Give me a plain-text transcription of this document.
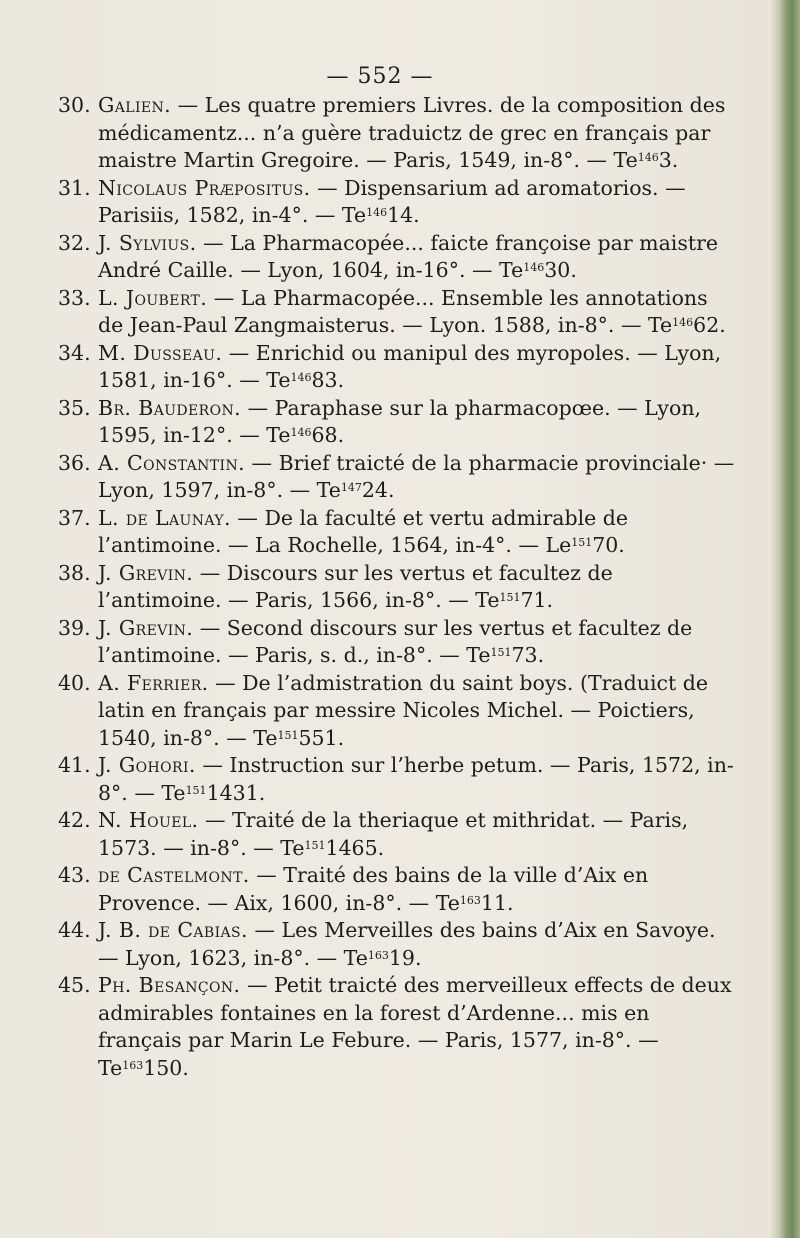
— 552 —

30. Galien. — Les quatre premiers Livres. de la composition des médicamentz... n’a guère traduictz de grec en français par maistre Martin Gregoire. — Paris, 1549, in-8°. — Te$^{146}$3.

31. Nicolaus Præpositus. — Dispensarium ad aromatorios. — Parisiis, 1582, in-4°. — Te$^{146}$14.

32. J. Sylvius. — La Pharmacopée... faicte françoise par maistre André Caille. — Lyon, 1604, in-16°. — Te$^{146}$30.

33. L. Joubert. — La Pharmacopée... Ensemble les annotations de Jean-Paul Zangmaisterus. — Lyon. 1588, in-8°. — Te$^{146}$62.

34. M. Dusseau. — Enrichid ou manipul des myropoles. — Lyon, 1581, in-16°. — Te$^{146}$83.

35. Br. Bauderon. — Paraphase sur la pharmacopœe. — Lyon, 1595, in-12°. — Te$^{146}$68.

36. A. Constantin. — Brief traicté de la pharmacie provinciale· — Lyon, 1597, in-8°. — Te$^{147}$24.

37. L. de Launay. — De la faculté et vertu admirable de l’antimoine. — La Rochelle, 1564, in-4°. — Le$^{151}$70.

38. J. Grevin. — Discours sur les vertus et facultez de l’antimoine. — Paris, 1566, in-8°. — Te$^{151}$71.

39. J. Grevin. — Second discours sur les vertus et facultez de l’antimoine. — Paris, s. d., in-8°. — Te$^{151}$73.

40. A. Ferrier. — De l’admistration du saint boys. (Traduict de latin en français par messire Nicoles Michel. — Poictiers, 1540, in-8°. — Te$^{151}$551.

41. J. Gohori. — Instruction sur l’herbe petum. — Paris, 1572, in-8°. — Te$^{151}$1431.

42. N. Houel. — Traité de la theriaque et mithridat. — Paris, 1573. — in-8°. — Te$^{151}$1465.

43. de Castelmont. — Traité des bains de la ville d’Aix en Provence. — Aix, 1600, in-8°. — Te$^{163}$11.

44. J. B. de Cabias. — Les Merveilles des bains d’Aix en Savoye. — Lyon, 1623, in-8°. — Te$^{163}$19.

45. Ph. Besançon. — Petit traicté des merveilleux effects de deux admirables fontaines en la forest d’Ardenne... mis en français par Marin Le Febure. — Paris, 1577, in-8°. — Te$^{163}$150.
